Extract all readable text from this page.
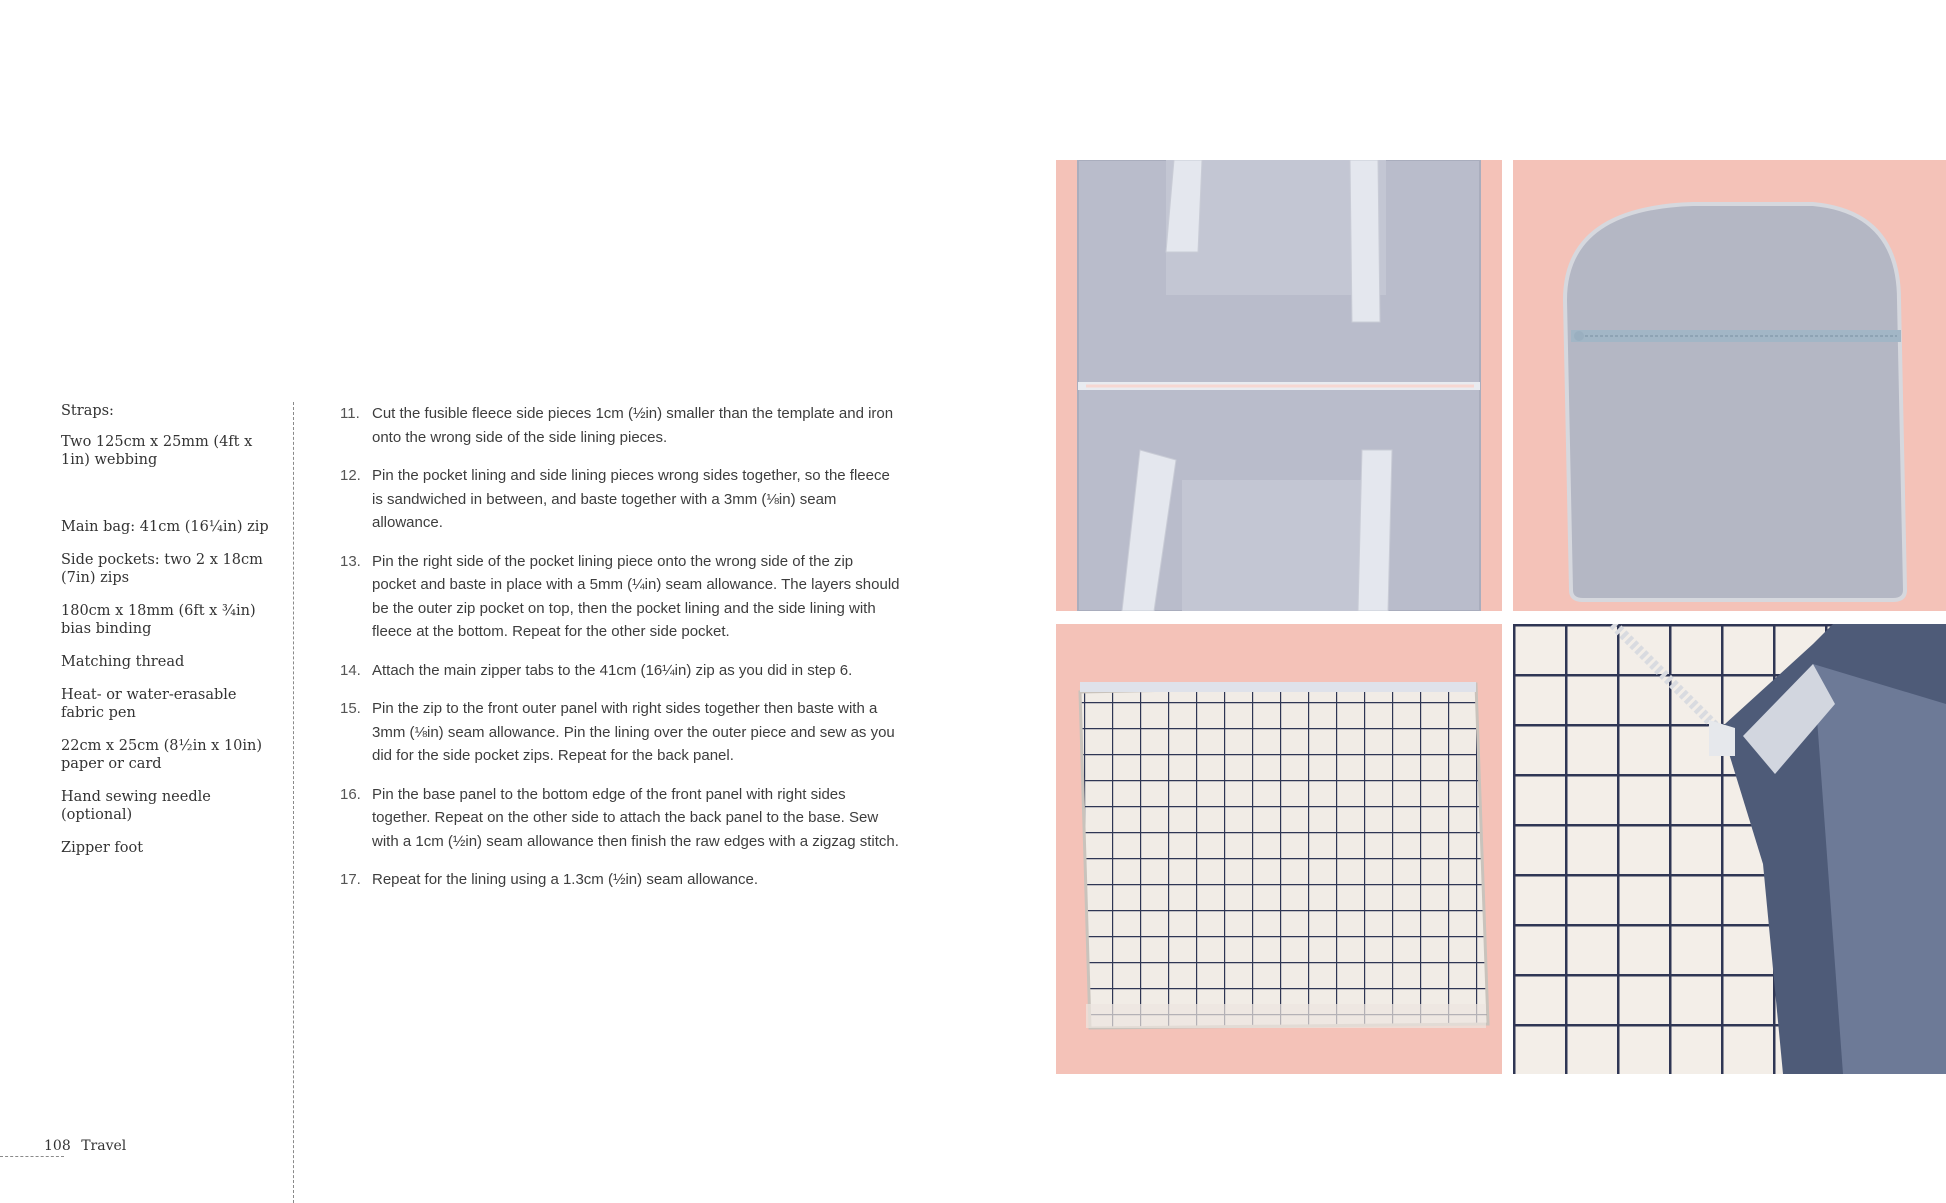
Straps:
Two 125cm x 25mm (4ft x 1in) webbing
Main bag: 41cm (16¼in) zip
Side pockets: two 2 x 18cm (7in) zips
180cm x 18mm (6ft x ¾in) bias binding
Matching thread
Heat- or water-erasable fabric pen
22cm x 25cm (8½in x 10in) paper or card
Hand sewing needle (optional)
Zipper foot
108 Travel
11. Cut the fusible fleece side pieces 1cm (½in) smaller than the template and iron onto the wrong side of the side lining pieces.
12. Pin the pocket lining and side lining pieces wrong sides together, so the fleece is sandwiched in between, and baste together with a 3mm (⅛in) seam allowance.
13. Pin the right side of the pocket lining piece onto the wrong side of the zip pocket and baste in place with a 5mm (¼in) seam allowance. The layers should be the outer zip pocket on top, then the pocket lining and the side lining with fleece at the bottom. Repeat for the other side pocket.
14. Attach the main zipper tabs to the 41cm (16¼in) zip as you did in step 6.
15. Pin the zip to the front outer panel with right sides together then baste with a 3mm (⅛in) seam allowance. Pin the lining over the outer piece and sew as you did for the side pocket zips. Repeat for the back panel.
16. Pin the base panel to the bottom edge of the front panel with right sides together. Repeat on the other side to attach the back panel to the base. Sew with a 1cm (½in) seam allowance then finish the raw edges with a zigzag stitch.
17. Repeat for the lining using a 1.3cm (½in) seam allowance.
